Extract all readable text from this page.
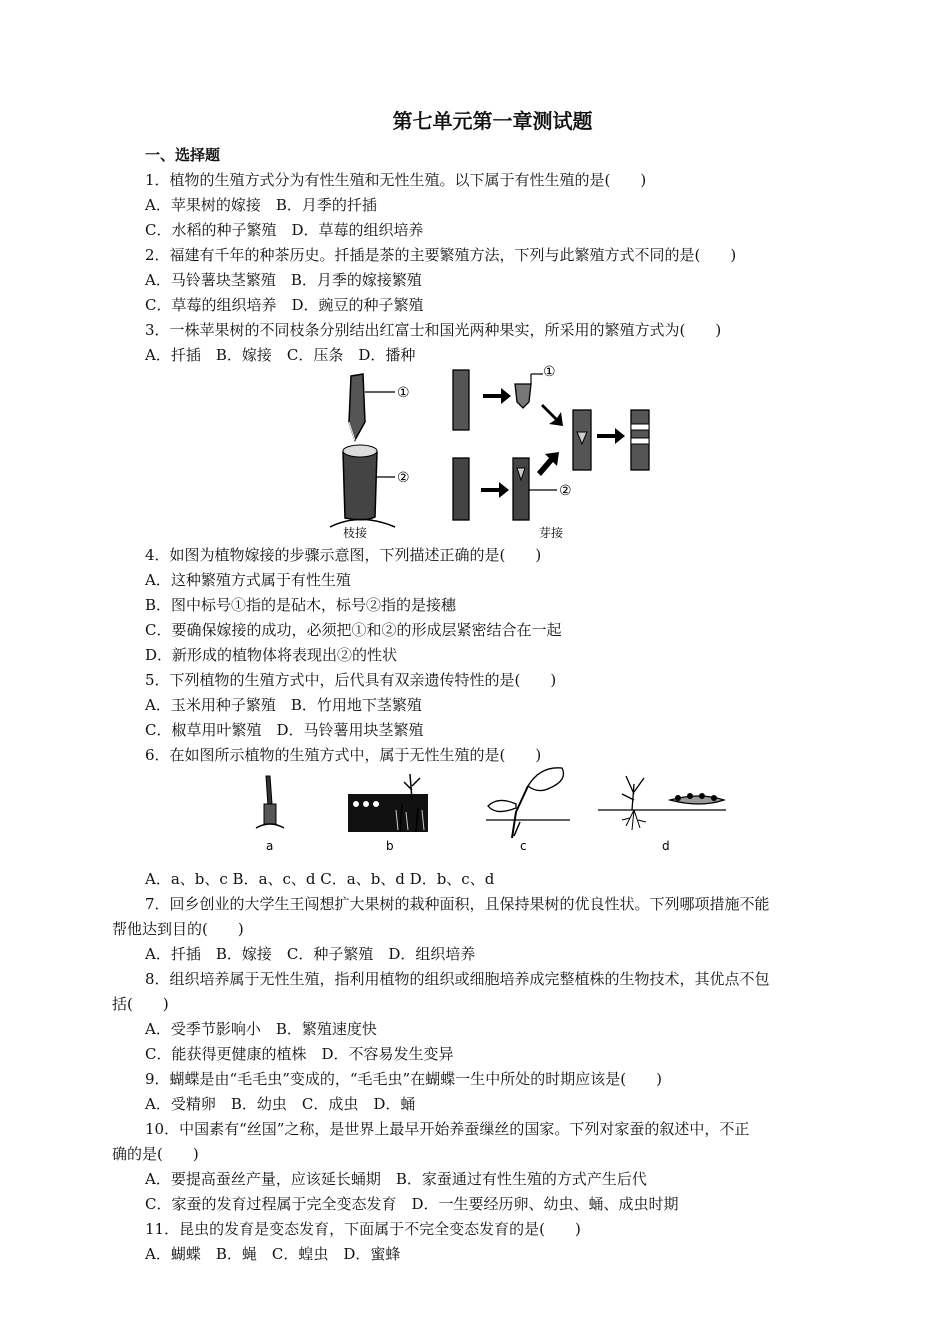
第七单元第一章测试题
一、选择题
1．植物的生殖方式分为有性生殖和无性生殖。以下属于有性生殖的是(　　)
A．苹果树的嫁接　B．月季的扦插
C．水稻的种子繁殖　D．草莓的组织培养
2．福建有千年的种茶历史。扦插是茶的主要繁殖方法，下列与此繁殖方式不同的是(　　)
A．马铃薯块茎繁殖　B．月季的嫁接繁殖
C．草莓的组织培养　D．豌豆的种子繁殖
3．一株苹果树的不同枝条分别结出红富士和国光两种果实，所采用的繁殖方式为(　　)
A．扦插　B．嫁接　C．压条　D．播种
①
②
枝接
①
②
芽接
4．如图为植物嫁接的步骤示意图，下列描述正确的是(　　)
A．这种繁殖方式属于有性生殖
B．图中标号①指的是砧木，标号②指的是接穗
C．要确保嫁接的成功，必须把①和②的形成层紧密结合在一起
D．新形成的植物体将表现出②的性状
5．下列植物的生殖方式中，后代具有双亲遗传特性的是(　　)
A．玉米用种子繁殖　B．竹用地下茎繁殖
C．椒草用叶繁殖　D．马铃薯用块茎繁殖
6．在如图所示植物的生殖方式中，属于无性生殖的是(　　)
a	b	c	d
A．a、b、c B．a、c、d C．a、b、d D．b、c、d
7．回乡创业的大学生王闯想扩大果树的栽种面积，且保持果树的优良性状。下列哪项措施不能
帮他达到目的(　　)
A．扦插　B．嫁接　C．种子繁殖　D．组织培养
8．组织培养属于无性生殖，指利用植物的组织或细胞培养成完整植株的生物技术，其优点不包
括(　　)
A．受季节影响小　B．繁殖速度快
C．能获得更健康的植株　D．不容易发生变异
9．蝴蝶是由“毛毛虫”变成的，“毛毛虫”在蝴蝶一生中所处的时期应该是(　　)
A．受精卵　B．幼虫　C．成虫　D．蛹
10．中国素有“丝国”之称，是世界上最早开始养蚕缫丝的国家。下列对家蚕的叙述中，不正
确的是(　　)
A．要提高蚕丝产量，应该延长蛹期　B．家蚕通过有性生殖的方式产生后代
C．家蚕的发育过程属于完全变态发育　D．一生要经历卵、幼虫、蛹、成虫时期
11．昆虫的发育是变态发育，下面属于不完全变态发育的是(　　)
A．蝴蝶　B．蝇　C．蝗虫　D．蜜蜂
